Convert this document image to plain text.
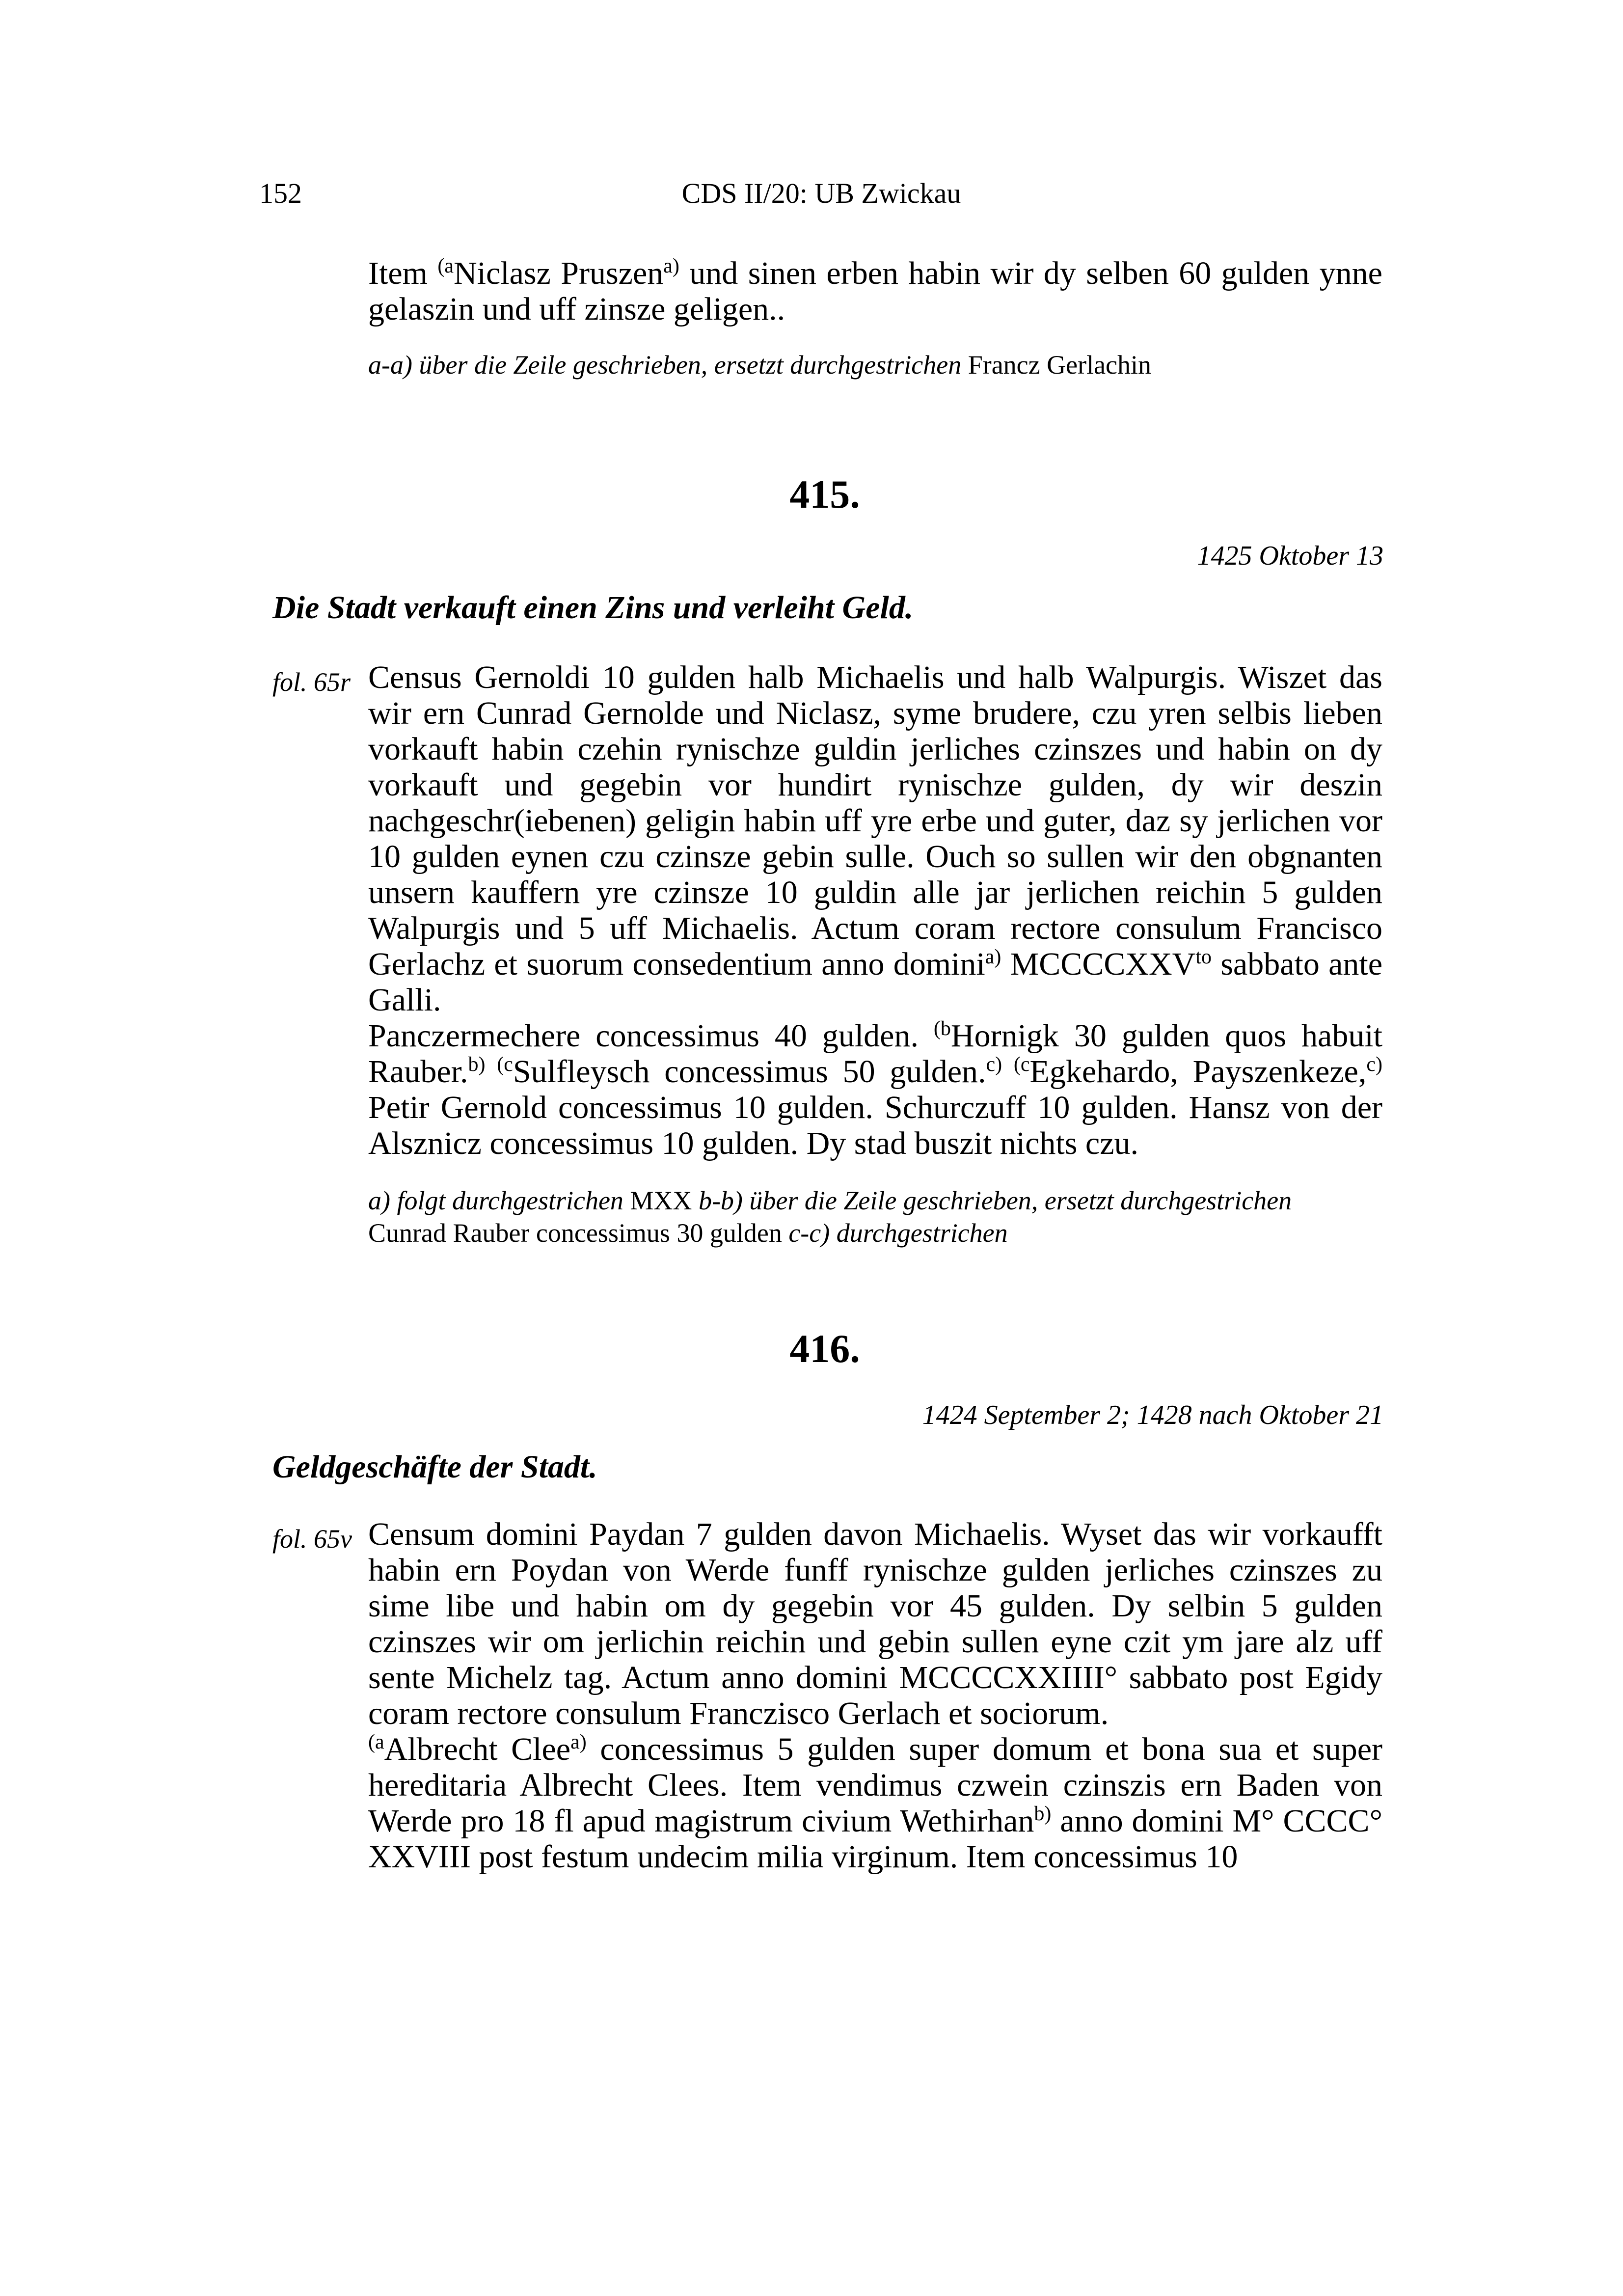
152	CDS II/20: UB Zwickau

Item $^{(a}$Niclasz Pruszen$^{a)}$ und sinen erben habin wir dy selben 60 gulden ynne gelaszin und uff zinsze geligen..

a-a) über die Zeile geschrieben, ersetzt durchgestrichen Francz Gerlachin
415.
1425 Oktober 13
Die Stadt verkauft einen Zins und verleiht Geld.
fol. 65r Census Gernoldi 10 gulden halb Michaelis und halb Walpurgis. Wiszet das wir ern Cunrad Gernolde und Niclasz, syme brudere, czu yren selbis lieben vorkauft habin czehin rynischze guldin jerliches czinszes und habin on dy vorkauft und gegebin vor hundirt rynischze gulden, dy wir deszin nachgeschr(iebenen) geligin habin uff yre erbe und guter, daz sy jerlichen vor 10 gulden eynen czu czinsze gebin sulle. Ouch so sullen wir den obgnanten unsern kauffern yre czinsze 10 guldin alle jar jerlichen reichin 5 gulden Walpurgis und 5 uff Michaelis. Actum coram rectore consulum Francisco Gerlachz et suorum consedentium anno domini$^{a)}$ $MCCCCXXV^{to}$ sabbato ante Galli.

Panczermechere concessimus 40 gulden. $^{(b}$Hornigk 30 gulden quos habuit Rauber.$^{b)}$ $^{(c}$Sulfleysch concessimus 50 gulden.$^{c)}$ $^{(c}$Egkehardo, Payszenkeze,$^{c)}$ Petir Gernold concessimus 10 gulden. Schurczuff 10 gulden. Hansz von der Alsznicz concessimus 10 gulden. Dy stad buszit nichts czu.

a) folgt durchgestrichen MXX b-b) über die Zeile geschrieben, ersetzt durchgestrichen
Cunrad Rauber concessimus 30 gulden c-c) durchgestrichen
416.
1424 September 2; 1428 nach Oktober 21
Geldgeschäfte der Stadt.
fol. 65v Censum domini Paydan 7 gulden davon Michaelis. Wyset das wir vorkaufft habin ern Poydan von Werde funff rynischze gulden jerliches czinszes zu sime libe und habin om dy gegebin vor 45 gulden. Dy selbin 5 gulden czinszes wir om jerlichin reichin und gebin sullen eyne czit ym jare alz uff sente Michelz tag. Actum anno domini MCCCCXXIIII° sabbato post Egidy coram rectore consulum Franczisco Gerlach et sociorum.

$^{(a}$Albrecht Clee$^{a)}$ concessimus 5 gulden super domum et bona sua et super hereditaria Albrecht Clees. Item vendimus czwein czinszis ern Baden von Werde pro 18 fl apud magistrum civium Wethirhan$^{b)}$ anno domini M° CCCC° XXVIII post festum undecim milia virginum. Item concessimus 10
